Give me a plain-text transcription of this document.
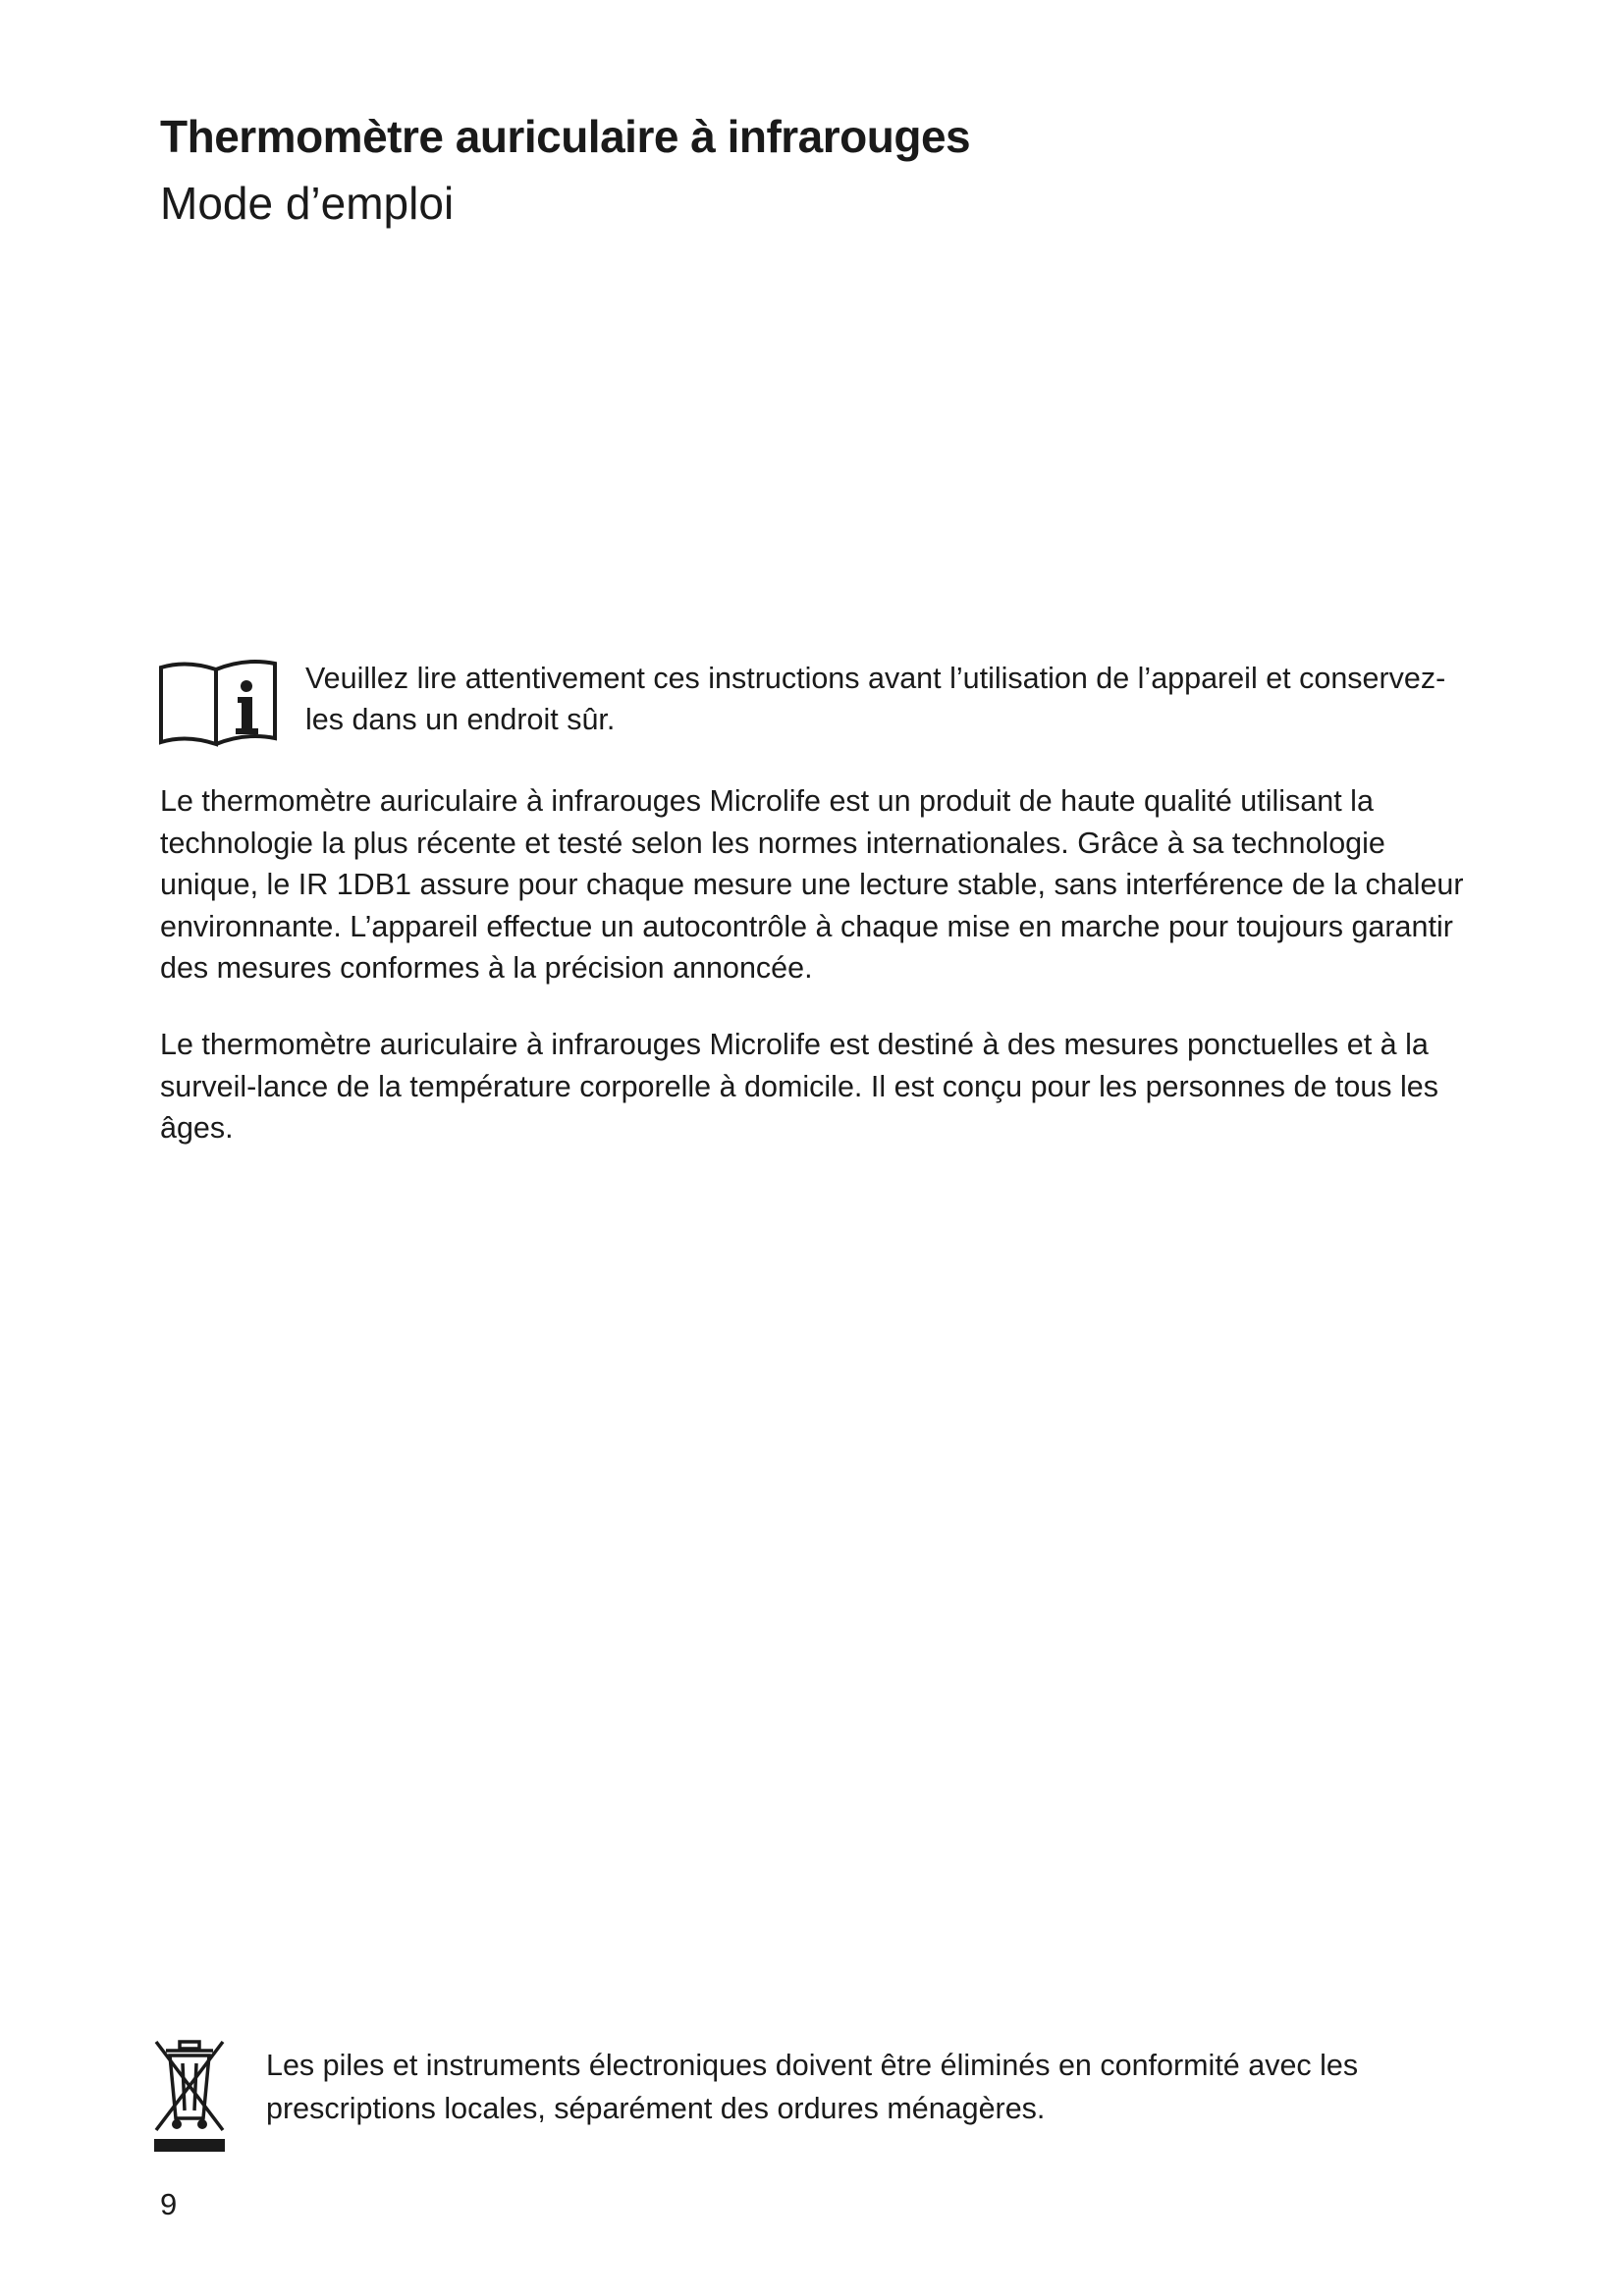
Thermomètre auriculaire à infrarouges
Mode d’emploi

Veuillez lire attentivement ces instructions avant l’utilisation de l’appareil et conservez-les dans un endroit sûr.

Le thermomètre auriculaire à infrarouges Microlife est un produit de haute qualité utilisant la technologie la plus récente et testé selon les normes internationales. Grâce à sa technologie unique, le IR 1DB1 assure pour chaque mesure une lecture stable, sans interférence de la chaleur environnante. L’appareil effectue un autocontrôle à chaque mise en marche pour toujours garantir des mesures conformes à la précision annoncée.

Le thermomètre auriculaire à infrarouges Microlife est destiné à des mesures ponctuelles et à la surveil-lance de la température corporelle à domicile. Il est conçu pour les personnes de tous les âges.

Les piles et instruments électroniques doivent être éliminés en conformité avec les prescriptions locales, séparément des ordures ménagères.

9
